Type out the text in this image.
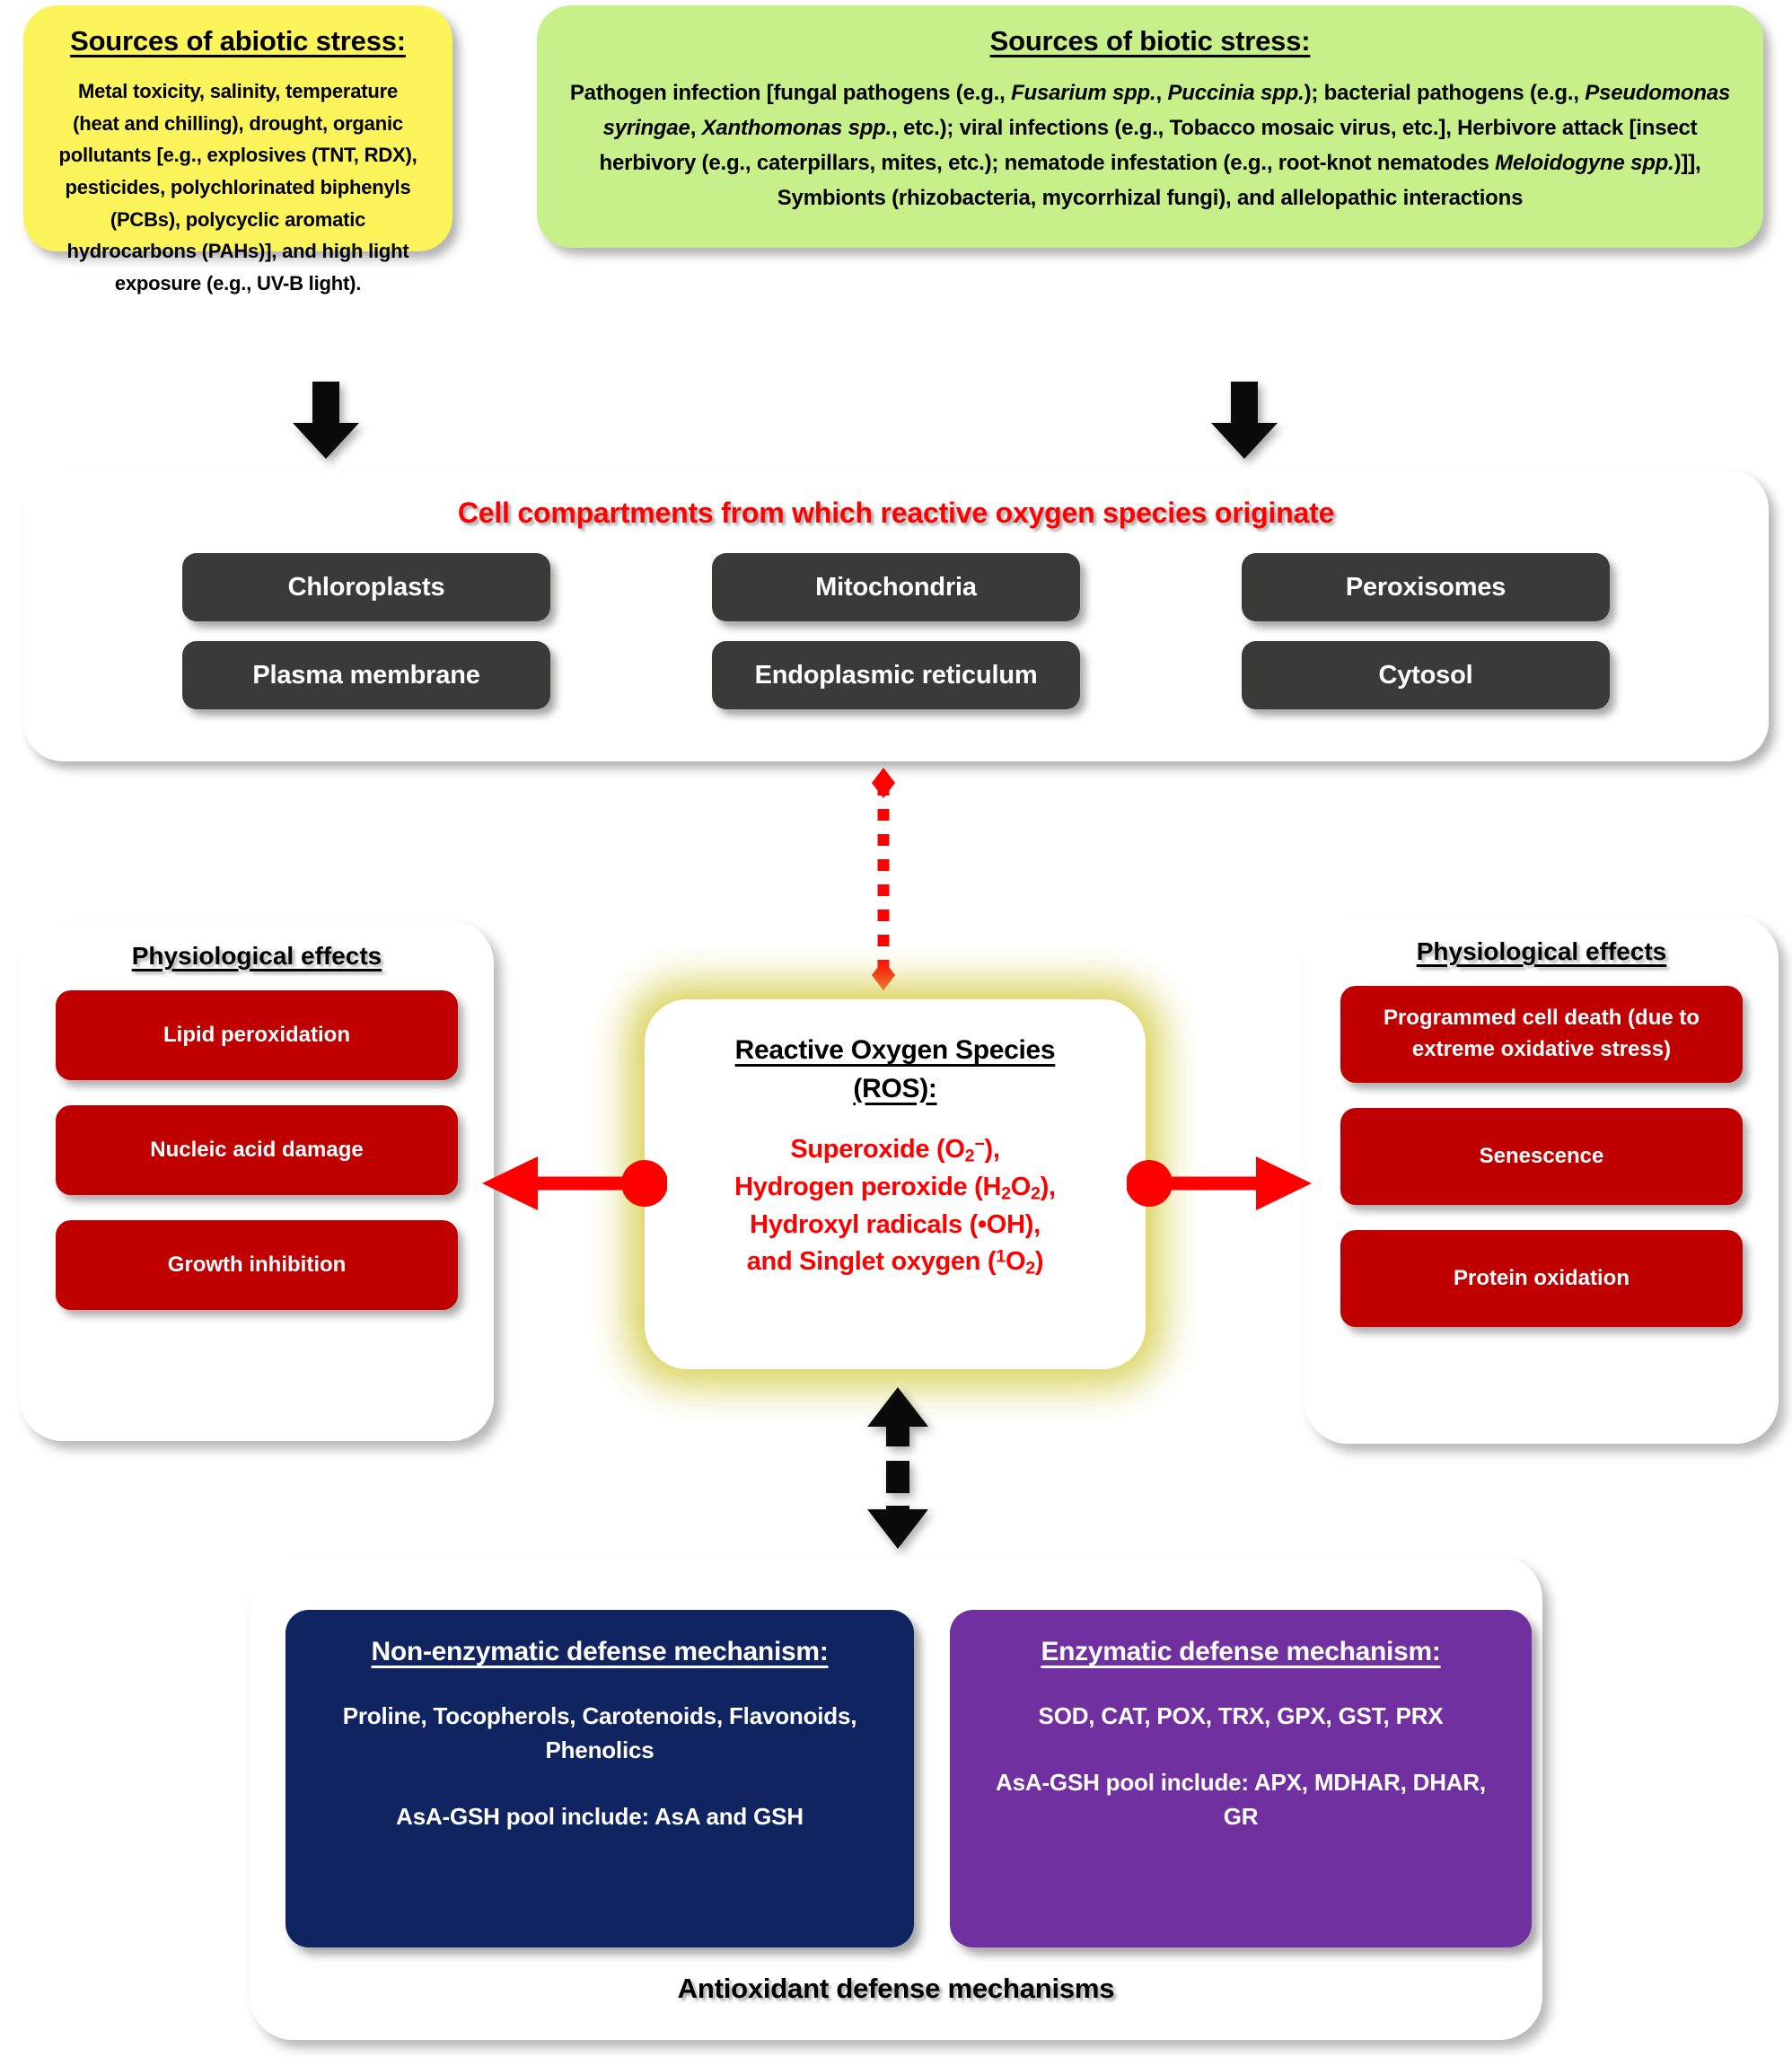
Sources of abiotic stress:
Metal toxicity, salinity, temperature (heat and chilling), drought, organic pollutants [e.g., explosives (TNT, RDX), pesticides, polychlorinated biphenyls (PCBs), polycyclic aromatic hydrocarbons (PAHs)], and high light exposure (e.g., UV-B light).
Sources of biotic stress:
Pathogen infection [fungal pathogens (e.g., Fusarium spp., Puccinia spp.); bacterial pathogens (e.g., Pseudomonas syringae, Xanthomonas spp., etc.); viral infections (e.g., Tobacco mosaic virus, etc.], Herbivore attack [insect herbivory (e.g., caterpillars, mites, etc.); nematode infestation (e.g., root-knot nematodes Meloidogyne spp.)]], Symbionts (rhizobacteria, mycorrhizal fungi), and allelopathic interactions
Cell compartments from which reactive oxygen species originate
Chloroplasts	Mitochondria	Peroxisomes
Plasma membrane	Endoplasmic reticulum	Cytosol
Physiological effects
Lipid peroxidation
Nucleic acid damage
Growth inhibition
Physiological effects
Programmed cell death (due to extreme oxidative stress)
Senescence
Protein oxidation
Reactive Oxygen Species
(ROS):
Superoxide $(O_2^-)$,
Hydrogen peroxide $(H_2O_2)$,
Hydroxyl radicals (•OH),
and Singlet oxygen $(^1O_2)$
Non-enzymatic defense mechanism:
Proline, Tocopherols, Carotenoids, Flavonoids, Phenolics
AsA-GSH pool include: AsA and GSH
Enzymatic defense mechanism:
SOD, CAT, POX, TRX, GPX, GST, PRX
AsA-GSH pool include: APX, MDHAR, DHAR, GR
Antioxidant defense mechanisms
